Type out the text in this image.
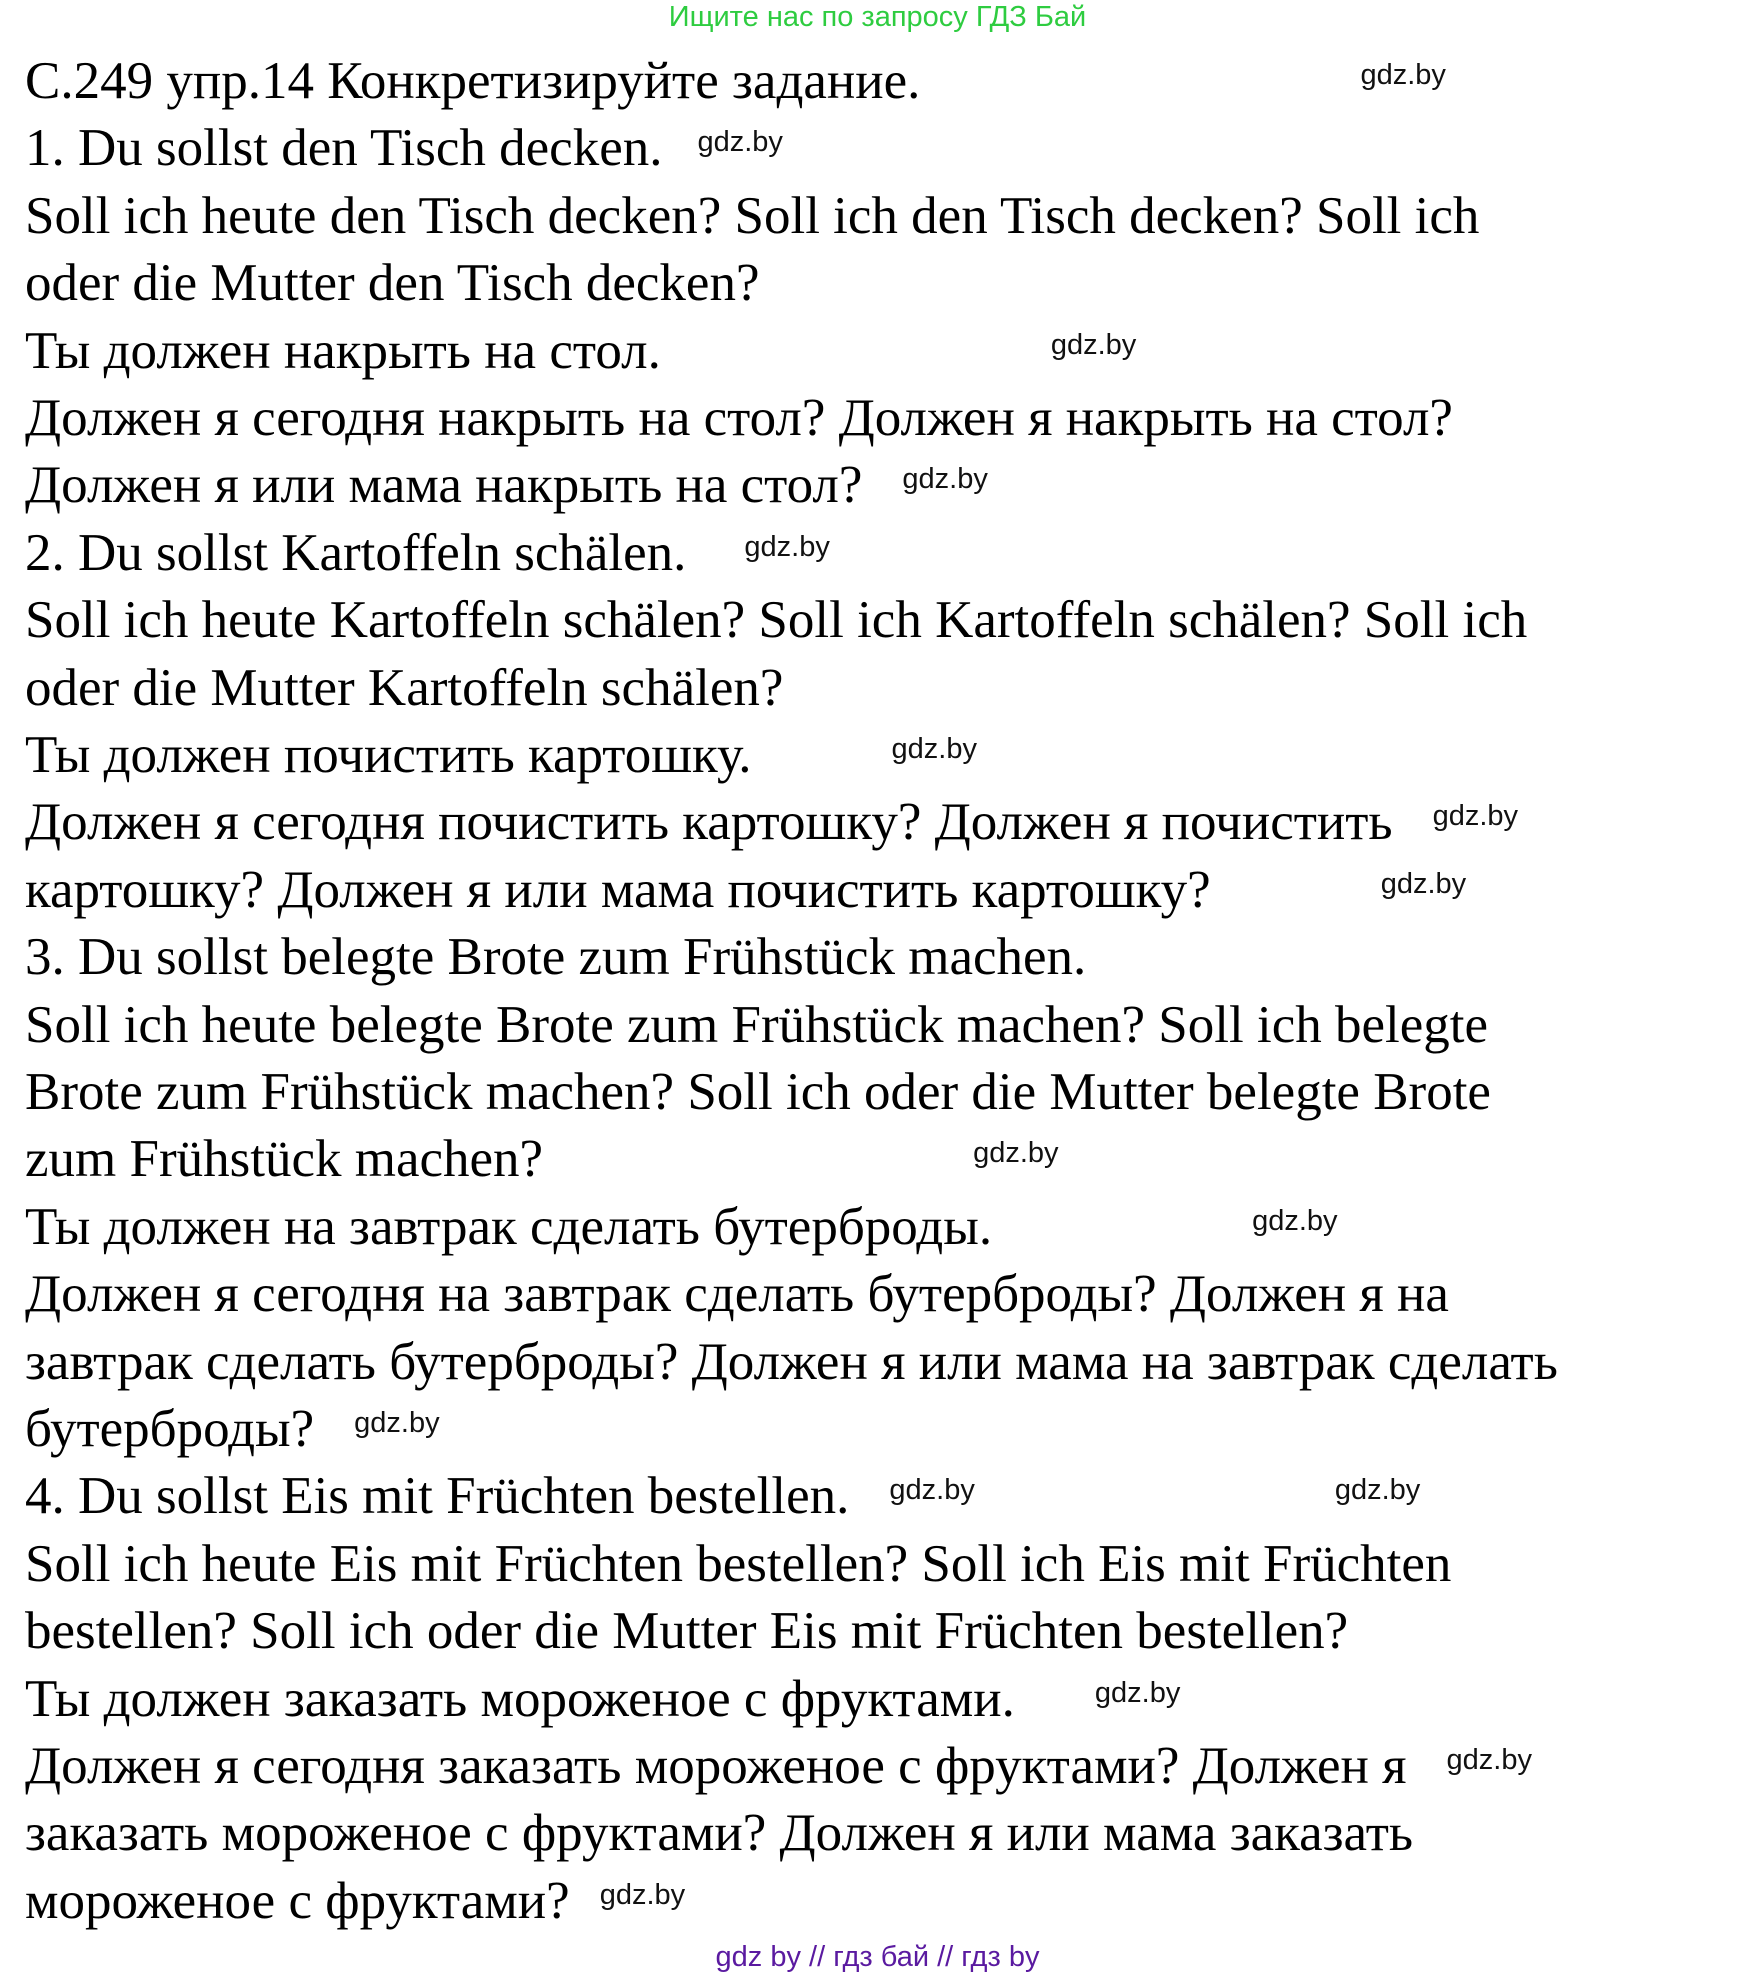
Ищите нас по запросу ГДЗ Бай
С.249 упр.14 Конкретизируйте задание.	gdz.by
1. Du sollst den Tisch decken. gdz.by
Soll ich heute den Tisch decken? Soll ich den Tisch decken? Soll ich
oder die Mutter den Tisch decken?
Ты должен накрыть на стол.	gdz.by
Должен я сегодня накрыть на стол? Должен я накрыть на стол?
Должен я или мама накрыть на стол? gdz.by
2. Du sollst Kartoffeln schälen. gdz.by
Soll ich heute Kartoffeln schälen? Soll ich Kartoffeln schälen? Soll ich
oder die Mutter Kartoffeln schälen?
Ты должен почистить картошку.	gdz.by
Должен я сегодня почистить картошку? Должен я почистить gdz.by
картошку? Должен я или мама почистить картошку?	gdz.by
3. Du sollst belegte Brote zum Frühstück machen.
Soll ich heute belegte Brote zum Frühstück machen? Soll ich belegte
Brote zum Frühstück machen? Soll ich oder die Mutter belegte Brote
zum Frühstück machen?	gdz.by
Ты должен на завтрак сделать бутерброды.	gdz.by
Должен я сегодня на завтрак сделать бутерброды? Должен я на
завтрак сделать бутерброды? Должен я или мама на завтрак сделать
бутерброды? gdz.by
4. Du sollst Eis mit Früchten bestellen. gdz.by	gdz.by
Soll ich heute Eis mit Früchten bestellen? Soll ich Eis mit Früchten
bestellen? Soll ich oder die Mutter Eis mit Früchten bestellen?
Ты должен заказать мороженое с фруктами.	gdz.by
Должен я сегодня заказать мороженое с фруктами? Должен я gdz.by
заказать мороженое с фруктами? Должен я или мама заказать
мороженое с фруктами? gdz.by
gdz by // гдз бай // гдз by
